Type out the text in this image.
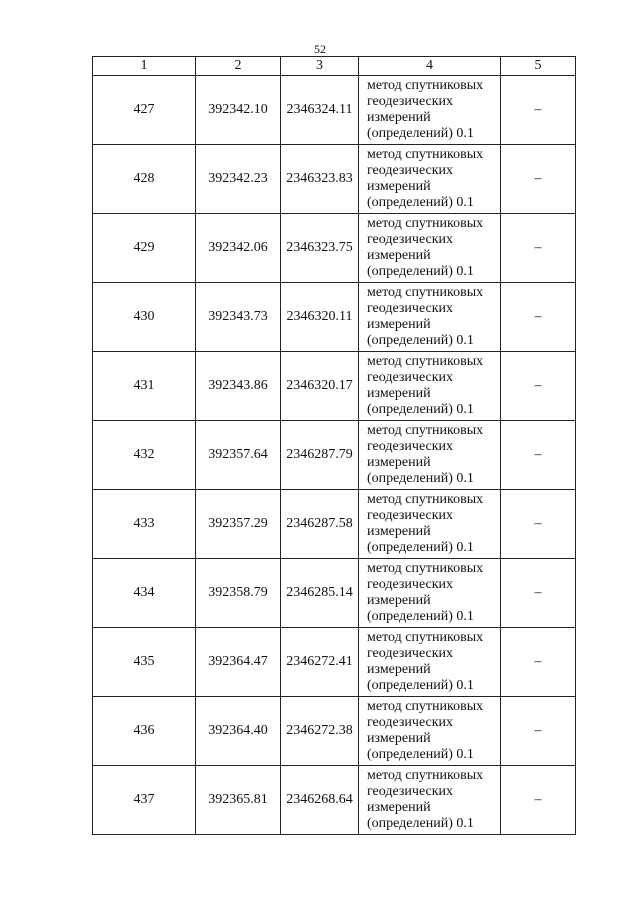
52
1	2	3	4	5
427	392342.10	2346324.11	метод спутниковых
геодезических
измерений
(определений) 0.1	–
428	392342.23	2346323.83	метод спутниковых
геодезических
измерений
(определений) 0.1	–
429	392342.06	2346323.75	метод спутниковых
геодезических
измерений
(определений) 0.1	–
430	392343.73	2346320.11	метод спутниковых
геодезических
измерений
(определений) 0.1	–
431	392343.86	2346320.17	метод спутниковых
геодезических
измерений
(определений) 0.1	–
432	392357.64	2346287.79	метод спутниковых
геодезических
измерений
(определений) 0.1	–
433	392357.29	2346287.58	метод спутниковых
геодезических
измерений
(определений) 0.1	–
434	392358.79	2346285.14	метод спутниковых
геодезических
измерений
(определений) 0.1	–
435	392364.47	2346272.41	метод спутниковых
геодезических
измерений
(определений) 0.1	–
436	392364.40	2346272.38	метод спутниковых
геодезических
измерений
(определений) 0.1	–
437	392365.81	2346268.64	метод спутниковых
геодезических
измерений
(определений) 0.1	–
